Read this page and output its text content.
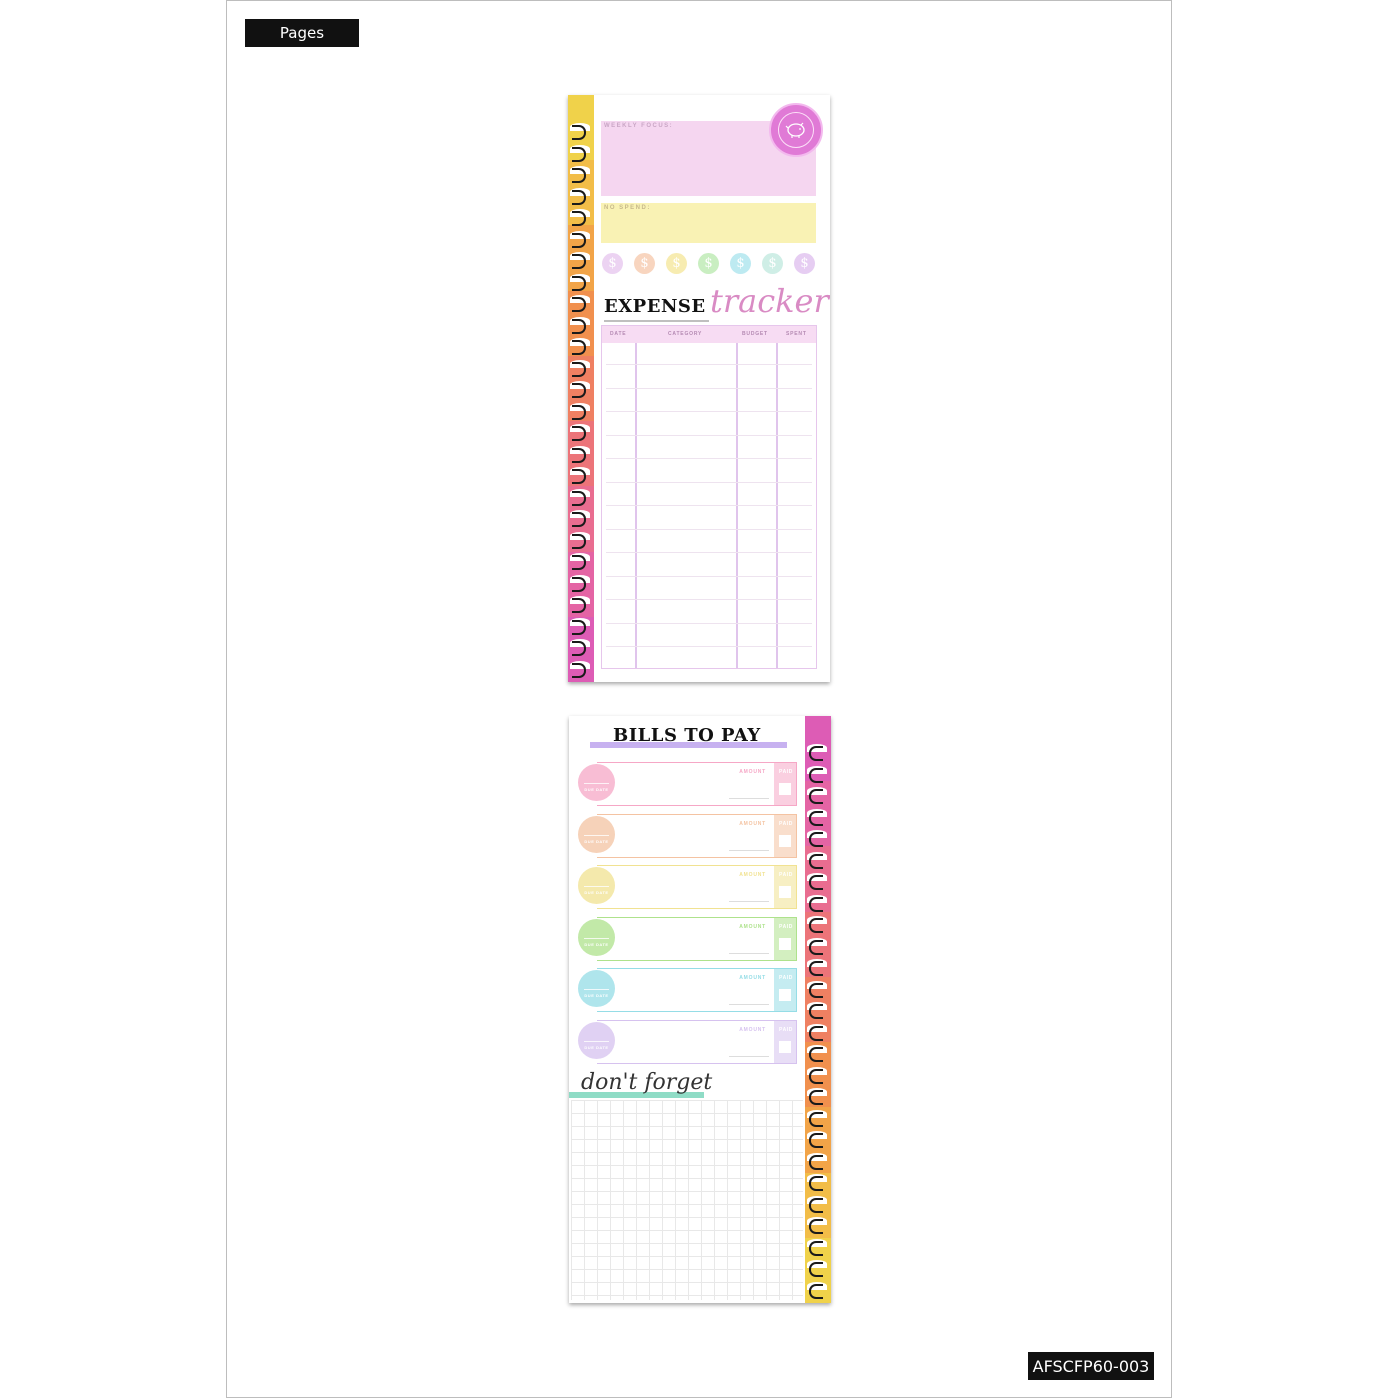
Pages
AFSCFP60-003
WEEKLY FOCUS:
NO SPEND:
$	$	$	$	$	$	$
EXPENSE tracker
DATE	CATEGORY	BUDGET	SPENT
BILLS TO PAY
DUE DATE
AMOUNT	PAID
DUE DATE
AMOUNT	PAID
DUE DATE
AMOUNT	PAID
DUE DATE
AMOUNT	PAID
DUE DATE
AMOUNT	PAID
DUE DATE
AMOUNT	PAID
don't forget
